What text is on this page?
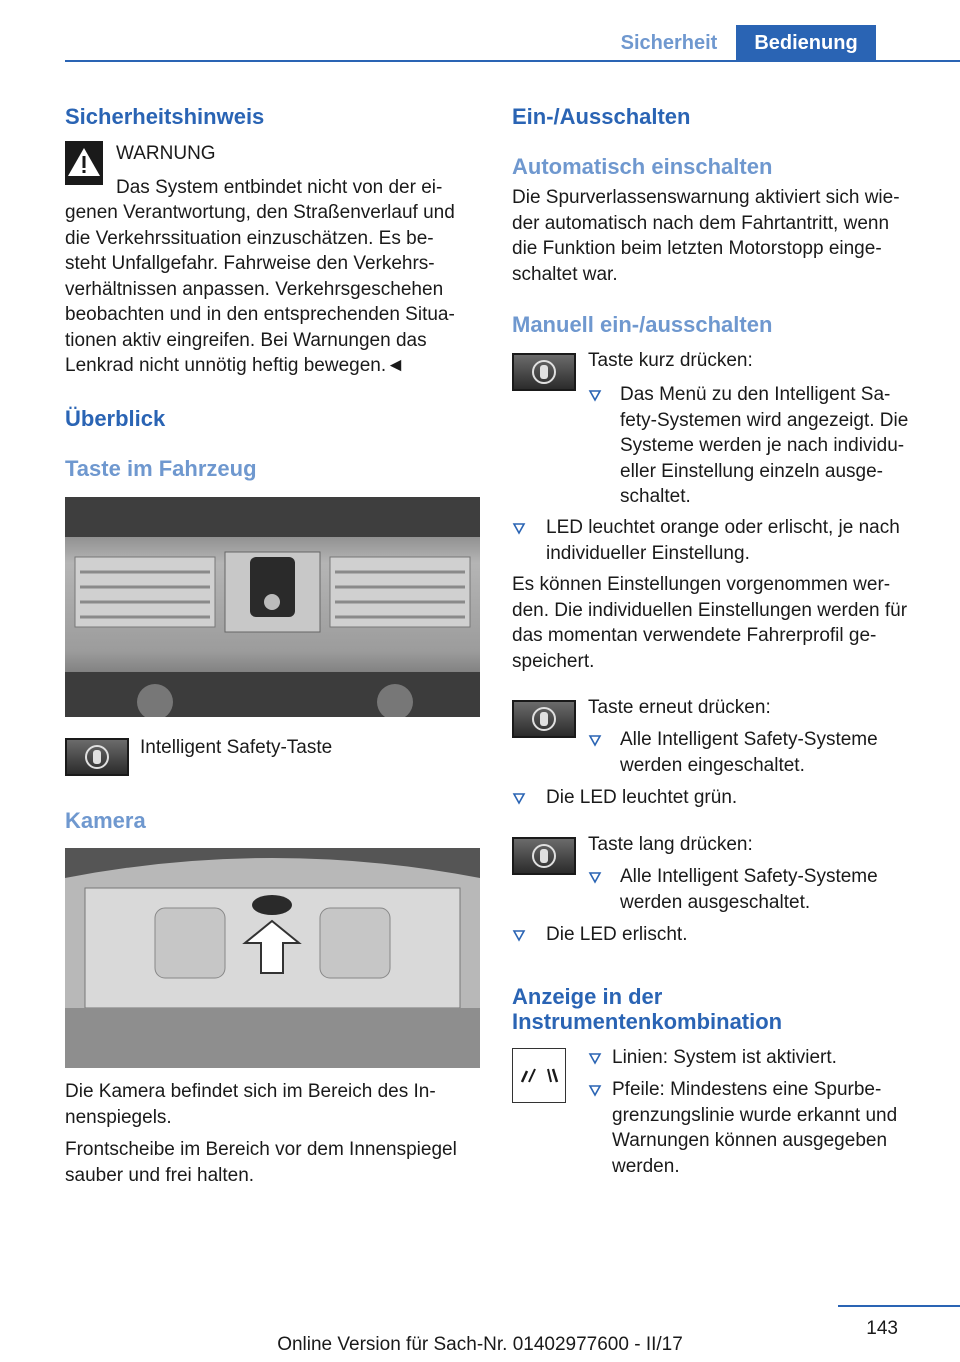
Sicherheit	Bedienung
Sicherheitshinweis
WARNUNG
Das System entbindet nicht von der ei-
genen Verantwortung, den Straßenverlauf und
die Verkehrssituation einzuschätzen. Es be-
steht Unfallgefahr. Fahrweise den Verkehrs-
verhältnissen anpassen. Verkehrsgeschehen
beobachten und in den entsprechenden Situa-
tionen aktiv eingreifen. Bei Warnungen das
Lenkrad nicht unnötig heftig bewegen.◄
Überblick
Taste im Fahrzeug
Intelligent Safety-Taste
Kamera
Die Kamera befindet sich im Bereich des In-
nenspiegels.
Frontscheibe im Bereich vor dem Innenspiegel
sauber und frei halten.
Ein-/Ausschalten
Automatisch einschalten
Die Spurverlassenswarnung aktiviert sich wie-
der automatisch nach dem Fahrtantritt, wenn
die Funktion beim letzten Motorstopp einge-
schaltet war.
Manuell ein-/ausschalten
Taste kurz drücken:
Das Menü zu den Intelligent Sa-
fety-Systemen wird angezeigt. Die
Systeme werden je nach individu-
eller Einstellung einzeln ausge-
schaltet.
LED leuchtet orange oder erlischt, je nach
individueller Einstellung.
Es können Einstellungen vorgenommen wer-
den. Die individuellen Einstellungen werden für
das momentan verwendete Fahrerprofil ge-
speichert.
Taste erneut drücken:
Alle Intelligent Safety-Systeme
werden eingeschaltet.
Die LED leuchtet grün.
Taste lang drücken:
Alle Intelligent Safety-Systeme
werden ausgeschaltet.
Die LED erlischt.
Anzeige in der
Instrumentenkombination
Linien: System ist aktiviert.
Pfeile: Mindestens eine Spurbe-
grenzungslinie wurde erkannt und
Warnungen können ausgegeben
werden.
143
Online Version für Sach-Nr. 01402977600 - II/17
